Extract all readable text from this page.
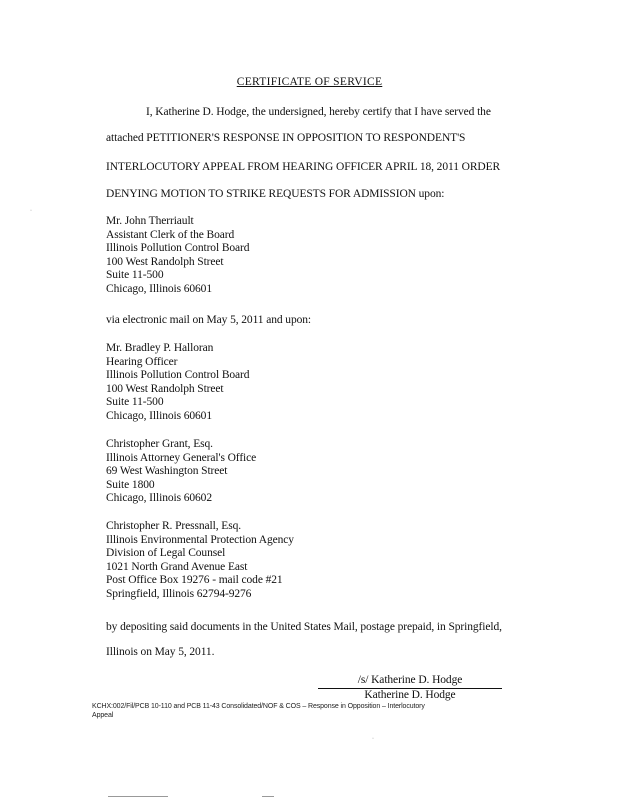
CERTIFICATE OF SERVICE
I, Katherine D. Hodge, the undersigned, hereby certify that I have served the
attached PETITIONER'S RESPONSE IN OPPOSITION TO RESPONDENT'S
INTERLOCUTORY APPEAL FROM HEARING OFFICER APRIL 18, 2011 ORDER
DENYING MOTION TO STRIKE REQUESTS FOR ADMISSION upon:
Mr. John Therriault
Assistant Clerk of the Board
Illinois Pollution Control Board
100 West Randolph Street
Suite 11-500
Chicago, Illinois 60601
via electronic mail on May 5, 2011 and upon:
Mr. Bradley P. Halloran
Hearing Officer
Illinois Pollution Control Board
100 West Randolph Street
Suite 11-500
Chicago, Illinois 60601
Christopher Grant, Esq.
Illinois Attorney General's Office
69 West Washington Street
Suite 1800
Chicago, Illinois 60602
Christopher R. Pressnall, Esq.
Illinois Environmental Protection Agency
Division of Legal Counsel
1021 North Grand Avenue East
Post Office Box 19276 - mail code #21
Springfield, Illinois 62794-9276
by depositing said documents in the United States Mail, postage prepaid, in Springfield,
Illinois on May 5, 2011.
/s/ Katherine D. Hodge
Katherine D. Hodge
KCHX:002/Fil/PCB 10-110 and PCB 11-43 Consolidated/NOF & COS – Response in Opposition – Interlocutory
Appeal
·
·
